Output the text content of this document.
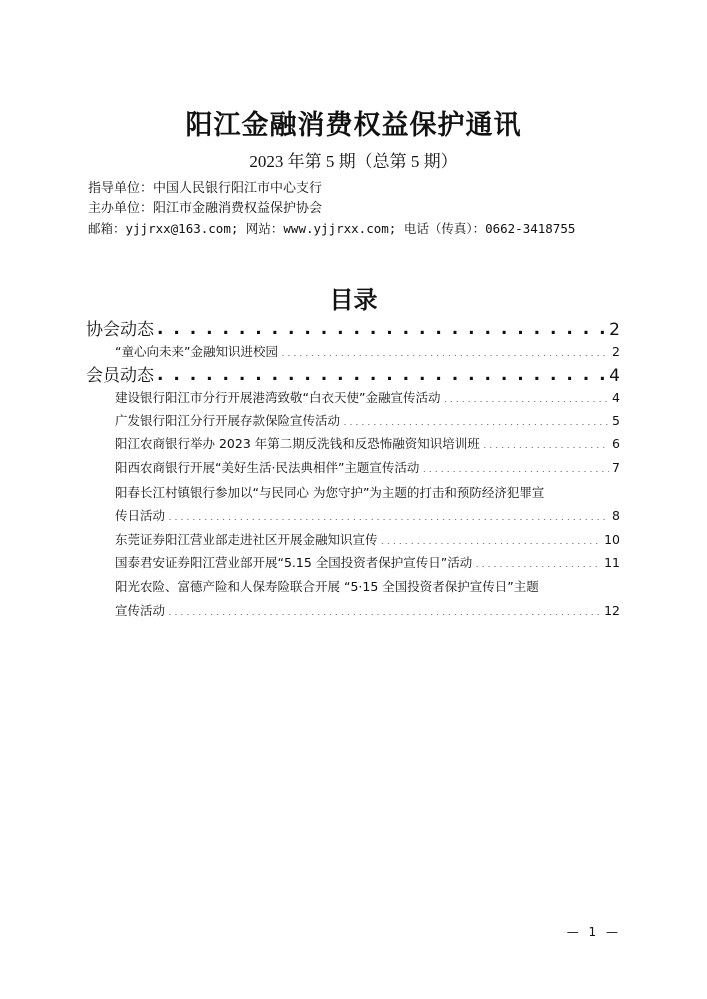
阳江金融消费权益保护通讯
2023 年第 5 期（总第 5 期）
指导单位：中国人民银行阳江市中心支行
主办单位：阳江市金融消费权益保护协会
邮箱：yjjrxx@163.com; 网站：www.yjjrxx.com; 电话（传真）：0662-3418755
目录
协会动态 . . .	2
“童心向未来”金融知识进校园 . . .	2
会员动态 . . .	4
建设银行阳江市分行开展港湾致敬“白衣天使”金融宣传活动 . . .	4
广发银行阳江分行开展存款保险宣传活动 . . .	5
阳江农商银行举办 2023 年第二期反洗钱和反恐怖融资知识培训班 . . .	6
阳西农商银行开展“美好生活·民法典相伴”主题宣传活动 . . .	7
阳春长江村镇银行参加以“与民同心 为您守护”为主题的打击和预防经济犯罪宣
传日活动 . . .	8
东莞证券阳江营业部走进社区开展金融知识宣传 . . .	10
国泰君安证券阳江营业部开展“5.15 全国投资者保护宣传日”活动 . . .	11
阳光农险、富德产险和人保寿险联合开展 “5·15 全国投资者保护宣传日”主题
宣传活动 . . .	12
— 1 —
